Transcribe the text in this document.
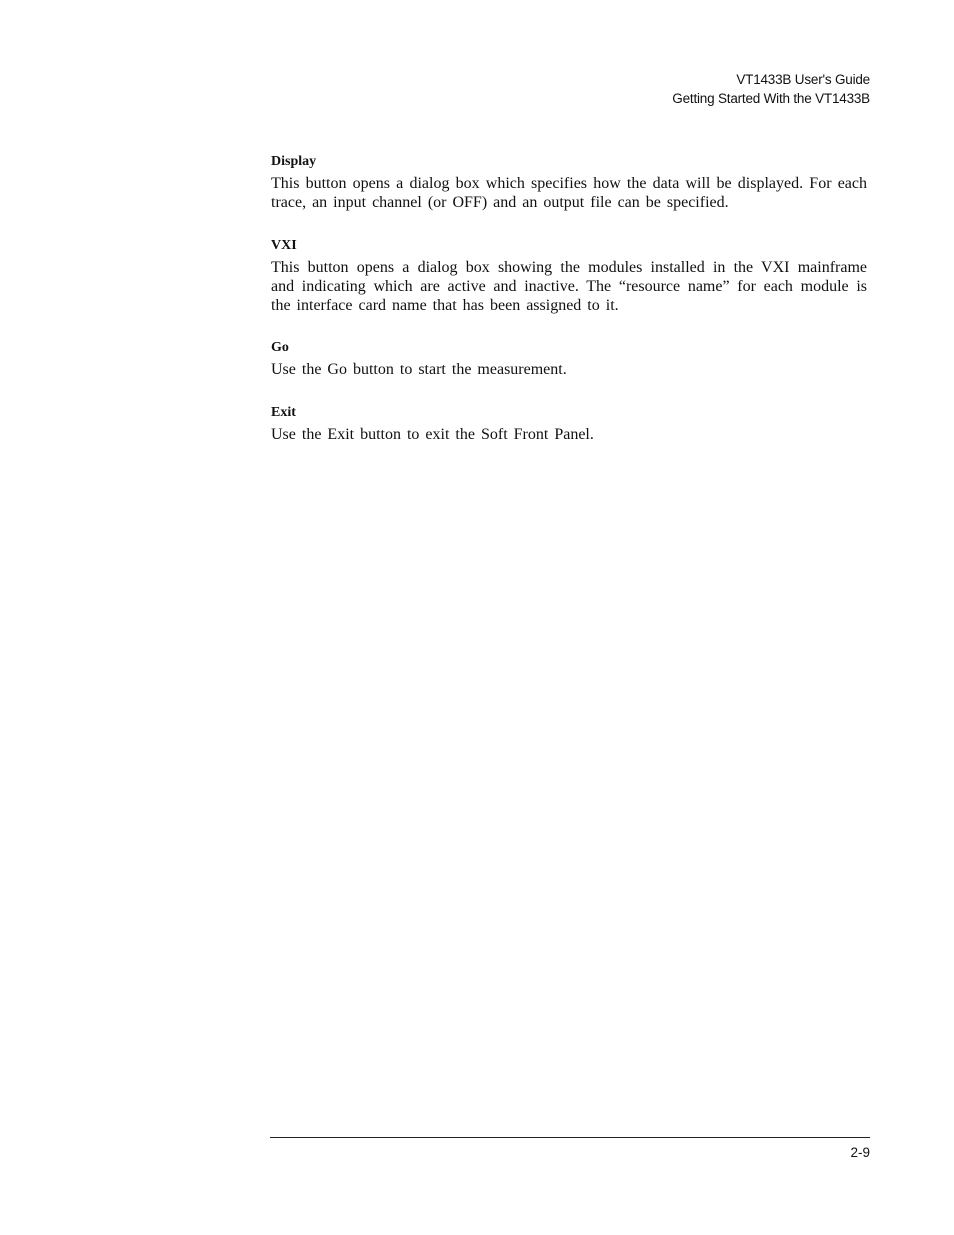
VT1433B User's Guide
Getting Started With the VT1433B
Display

This button opens a dialog box which specifies how the data will be displayed. For each trace, an input channel (or OFF) and an output file can be specified.

VXI

This button opens a dialog box showing the modules installed in the VXI mainframe and indicating which are active and inactive. The “resource name” for each module is the interface card name that has been assigned to it.

Go

Use the Go button to start the measurement.

Exit

Use the Exit button to exit the Soft Front Panel.

2-9
